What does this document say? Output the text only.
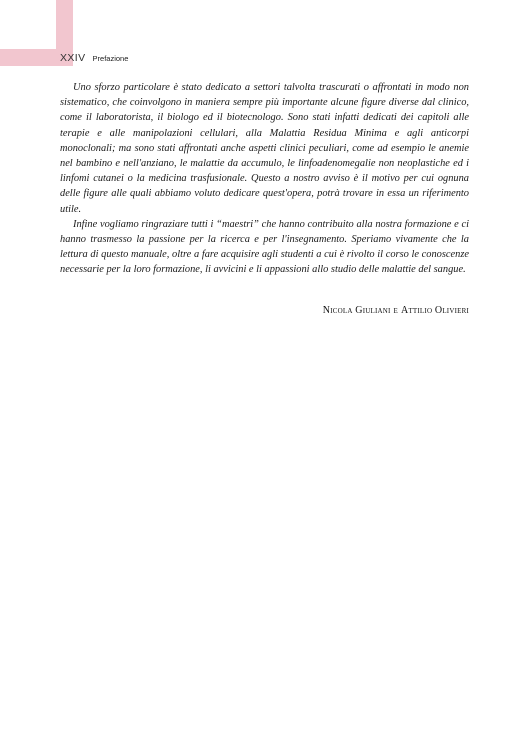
XXIV Prefazione

Uno sforzo particolare è stato dedicato a settori talvolta trascurati o affrontati in modo non sistematico, che coinvolgono in maniera sempre più importante alcune figure diverse dal clinico, come il laboratorista, il biologo ed il biotecnologo. Sono stati infatti dedicati dei capitoli alle terapie e alle manipolazioni cellulari, alla Malattia Residua Minima e agli anticorpi monoclonali; ma sono stati affrontati anche aspetti clinici peculiari, come ad esempio le anemie nel bambino e nell'anziano, le malattie da accumulo, le linfoadenomegalie non neoplastiche ed i linfomi cutanei o la medicina trasfusionale. Questo a nostro avviso è il motivo per cui ognuna delle figure alle quali abbiamo voluto dedicare quest'opera, potrà trovare in essa un riferimento utile.

Infine vogliamo ringraziare tutti i “maestri” che hanno contribuito alla nostra formazione e ci hanno trasmesso la passione per la ricerca e per l'insegnamento. Speriamo vivamente che la lettura di questo manuale, oltre a fare acquisire agli studenti a cui è rivolto il corso le conoscenze necessarie per la loro formazione, li avvicini e li appassioni allo studio delle malattie del sangue.

Nicola Giuliani e Attilio Olivieri
